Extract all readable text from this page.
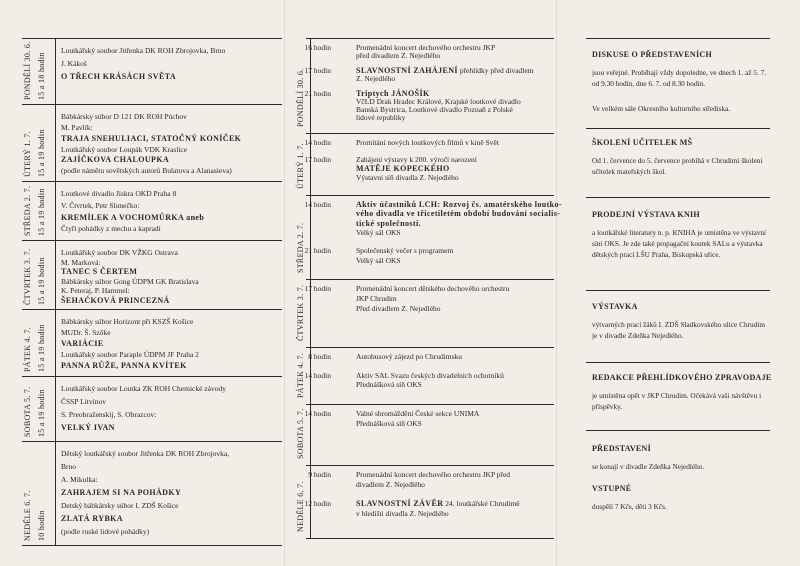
PONDĚLÍ 30. 6. 15 a 18 hodin
Loutkářský soubor Jitřenka DK ROH Zbrojovka, Brno
J. Kákoš
O TŘECH KRÁSÁCH SVĚTA
ÚTERÝ 1. 7. 15 a 19 hodin
Bábkársky súbor D 121 DK ROH Púchov
M. Pavlík:
TRAJA SNEHULIACI, STATOČNÝ KONÍČEK
Loutkářský soubor Loupák VDK Kraslice
ZAJÍČKOVA CHALOUPKA
(podle námětu sovětských autorů Bulatova a Alanasieva)
STŘEDA 2. 7. 15 a 19 hodin Loutkové divadlo Jiskra OKD Praha 8
V. Čtvrtek, Petr Slunečko:
KREMÍLEK A VOCHOMŮRKA aneb
Čtyři pohádky z mechu a kapradí
ČTVRTEK 3. 7. 15 a 19 hodin
Loutkářský soubor DK VŽKG Ostrava
M. Marková:
TANEC S ČERTEM
Bábkársky súbor Gong ÚDPM GK Bratislava
K. Peteraj, P. Hammel:
ŠEHAĆKOVÁ PRINCEZNÁ
PÁTEK 4. 7. 15 a 19 hodin
Bábkársky súbor Horizont při KSZŠ Košice
MUDr. Š. Szőke
VARIÁCIE
Loutkářský soubor Paraple ÚDPM JF Praha 2
PANNA RŮŽE, PANNA KVÍTEK
SOBOTA 5. 7. 15 a 19 hodin
Loutkářský soubor Loutka ZK ROH Chemické závody
ČSSP Litvínov
S. Preobraženskij, S. Obrazcov:
VELKÝ IVAN
NEDĚLE 6. 7. 10 hodin
Dětský loutkářský soubor Jitřenka DK ROH Zbrojovka,
Brno
A. Mikulka:
ZAHRAJEM SI NA POHÁDKY
Detský bábkársky súbor I. ZDŠ Košice
ZLATÁ RYBKA
(podle ruské lidové pohádky)
PONDĚLÍ 30. 6.
16 hodin	Promenádní koncert dechového orchestru JKP
před divadlem Z. Nejedlého
17 hodin	SLAVNOSTNÍ ZAHÁJENÍ přehlídky před divadlem
Z. Nejedlého
21 hodin	Triptych JÁNOŠÍK
VčLD Drak Hradec Králové, Krajské loutkové divadlo
Banská Bystrica, Loutkové divadlo Poznaň z Polské
lidové republiky
ÚTERÝ 1. 7.
14 hodin	Promítání nových loutkových filmů v kině Svět
17 hodin	Zahájení výstavy k 200. výročí narození
MATĚJE KOPECKÉHO
Výstavní síň divadla Z. Nejedlého
STŘEDA 2. 7.
14 hodin	Aktiv účastníků LCH: Rozvoj čs. amatérského loutko-
vého divadla ve třicetiletém období budování socialis-
tické společnosti.
Velký sál OKS
21 hodin	Společenský večer s programem
Velký sál OKS
ČTVRTEK 3. 7. 17 hodin	Promenádní koncert dětského dechového orchestru
JKP Chrudim
Před divadlem Z. Nejedlého
PÁTEK 4. 7. 8 hodin	Autobusový zájezd po Chrudimsku
14 hodin	Aktiv SAL Svazu českých divadelních ochotníků
Přednášková síň OKS
SOBOTA 5. 7. 14 hodin	Valné shromáždění České sekce UNIMA
Přednášková síň OKS
NEDĚLE 6. 7.
9 hodin	Promenádní koncert dechového orchestru JKP před
divadlem Z. Nejedlého
12 hodin	SLAVNOSTNÍ ZÁVĚR 24. loutkářské Chrudimě
v hledišti divadla Z. Nejedlého
DISKUSE O PŘEDSTAVENÍCH
jsou veřejné. Probíhají vždy dopoledne, ve dnech 1. až 5. 7. od 9.30 hodin, dne 6. 7. od 8.30 hodin.
Ve velkém sále Okresního kulturního střediska.
ŠKOLENÍ UČITELEK MŠ
Od 1. července do 5. července probíhá v Chrudimi školení učitelek mateřských škol.
PRODEJNÍ VÝSTAVA KNIH
a loutkářské literatury n. p. KNIHA je umístěna ve výstavní síni OKS. Je zde také propagační koutek SALu a výstavka dětských prací LŠU Praha, Biskupská ulice.
VÝSTAVKA
výtvarných prací žáků I. ZDŠ Sladkovského ulice Chrudim je v divadle Zdeňka Nejedlého.
REDAKCE PŘEHLÍDKOVÉHO ZPRAVODAJE
je umístěna opět v JKP Chrudim. Očekává vaši návštěvu i příspěvky.
PŘEDSTAVENÍ
se konají v divadle Zdeňka Nejedlého.
VSTUPNÉ
dospělí 7 Kčs, děti 3 Kčs.
